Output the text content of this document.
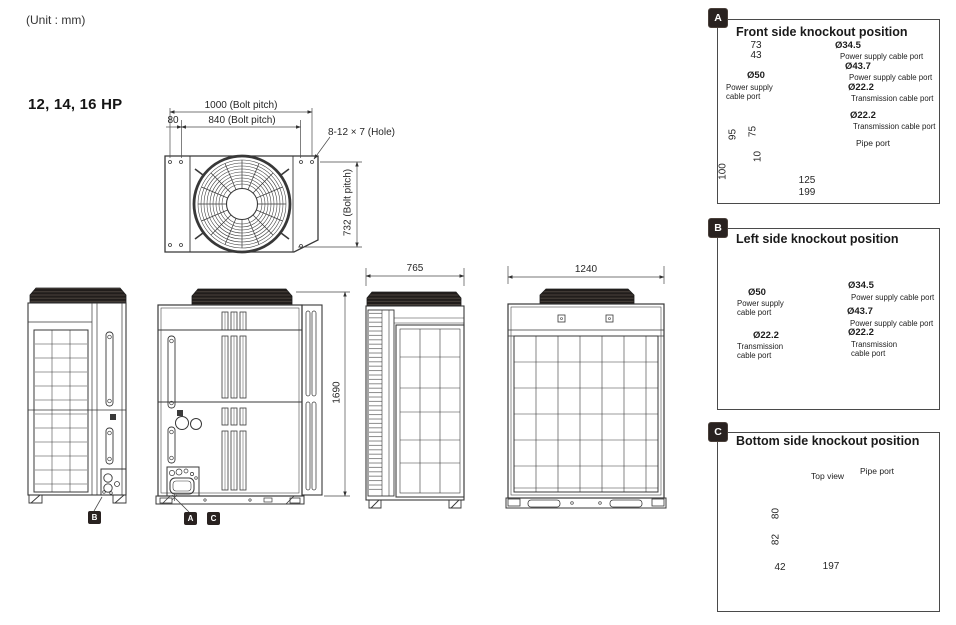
(Unit : mm)
12, 14, 16 HP	1000 (Bolt pitch)
80	840 (Bolt pitch)
8-12 × 7 (Hole)
732 (Bolt pitch)
1690
765	1240
B	A	C
A
Front side knockout position
73
43
Ø50
Power supply
cable port
Ø34.5
Power supply cable port
Ø43.7
Power supply cable port
Ø22.2
Transmission cable port
Ø22.2
Transmission cable port
Pipe port
95 75
10
100
125
199
B
Left side knockout position
Ø50
Power supply
cable port
Ø34.5
Power supply cable port
Ø43.7
Power supply cable port
Ø22.2
Transmission
cable port
Ø22.2
Transmission
cable port
C
Bottom side knockout position
Top view Pipe port
80
82
42	197
